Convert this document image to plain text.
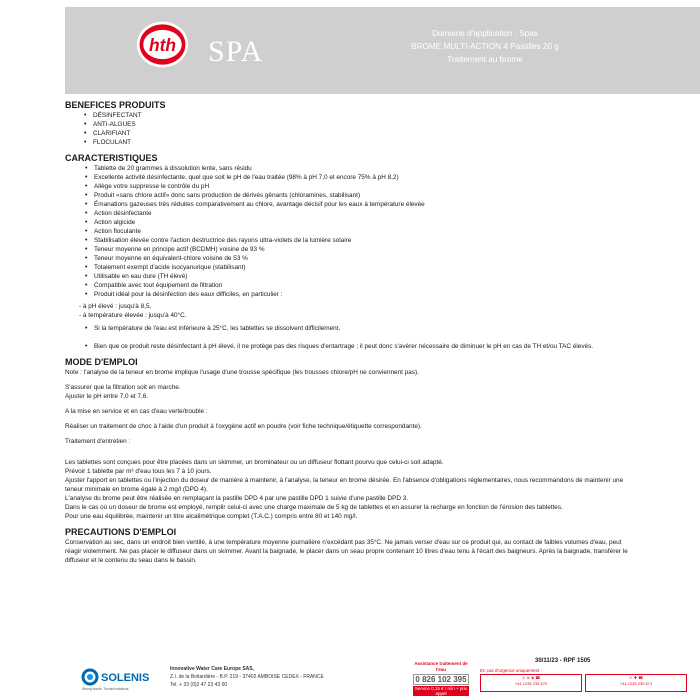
hth SPA
Domaine d'application : Spas
BROME MULTI-ACTION 4 Pastilles 20 g
Traitement au brome
BENEFICES PRODUITS
• DÉSINFECTANT
• ANTI-ALGUES
• CLARIFIANT
• FLOCULANT
CARACTERISTIQUES
• Tablette de 20 grammes à dissolution lente, sans résidu
• Excellente activité désinfectante, quel que soit le pH de l'eau traitée (98% à pH 7,0 et encore 75% à pH 8,2)
• Allège votre suppresse le contrôle du pH
• Produit «sans chlore actif» donc sans production de dérivés gênants (chloramines, stabilisant)
• Émanations gazeuses très réduites comparativement au chlore, avantage décisif pour les eaux à température élevée
• Action désinfectante
• Action algicide
• Action floculante
• Stabilisation élevée contre l'action destructrice des rayons ultra-violets de la lumière solaire
• Teneur moyenne en principe actif (BCDMH) voisine de 93 %
• Teneur moyenne en équivalent-chlore voisine de 53 %
• Totalement exempt d'acide isocyanurique (stabilisant)
• Utilisable en eau dure (TH élevé)
• Compatible avec tout équipement de filtration
• Produit idéal pour la désinfection des eaux difficiles, en particulier :
- à pH élevé : jusqu'à 8,5,
- à température élevée : jusqu'à 40°C.
• Si la température de l'eau est inférieure à 25°C, les tablettes se dissolvent difficilement.
• Bien que ce produit reste désinfectant à pH élevé, il ne protège pas des risques d'entartrage ; il peut donc s'avérer nécessaire de diminuer le pH en cas de TH et/ou TAC élevés.
MODE D'EMPLOI

Note : l'analyse de la teneur en brome implique l'usage d'une trousse spécifique (les trousses chlore/pH ne conviennent pas).

S'assurer que la filtration soit en marche.

Ajuster le pH entre 7,0 et 7,6.

A la mise en service et en cas d'eau verte/trouble :

Réaliser un traitement de choc à l'aide d'un produit à l'oxygène actif en poudre (voir fiche technique/étiquette correspondante).

Traitement d'entretien :

Les tablettes sont conçues pour être placées dans un skimmer, un brominateur ou un diffuseur flottant pourvu que celui-ci soit adapté.

Prévoir 1 tablette par m³ d'eau tous les 7 à 10 jours.

Ajuster l'apport en tablettes ou l'injection du doseur de manière à maintenir, à l'analyse, la teneur en brome désirée. En l'absence d'obligations réglementaires, nous recommandons de maintenir une teneur minimale en brome égale à 2 mg/l (DPD 4).

L'analyse du brome peut être réalisée en remplaçant la pastille DPD 4 par une pastille DPD 1 suivie d'une pastille DPD 3.

Dans le cas où un doseur de brome est employé, remplir celui-ci avec une charge maximale de 5 kg de tablettes et en assurer la recharge en fonction de l'érosion des tablettes.

Pour une eau équilibrée, maintenir un titre alcalimétrique complet (T.A.C.) compris entre 80 et 140 mg/l.

PRECAUTIONS D'EMPLOI

Conservation au sec, dans un endroit bien ventilé, à une température moyenne journalière n'excédant pas 35°C. Ne jamais verser d'eau sur ce produit qui, au contact de faibles volumes d'eau, peut réagir violemment. Ne pas placer le diffuseur dans un skimmer. Avant la baignade, le placer dans un seau propre contenant 10 litres d'eau tenu à l'écart des baigneurs. Après la baignade, transférer le diffuseur et le contenu du seau dans le bassin.

SOLENIS
Strong bonds. Trusted solutions.
Innovative Water Care Europe SAS,
Z.I. de la Boitardière - B.P. 219 - 37402 AMBOISE CEDEX - FRANCE
Tel. + 33 (0)2 47 23 43 00
Assistance traitement de l'eau
0 826 102 395
Service 0,15 € / min + prix appel
30/11/23 - RPF 1505
En cas d'urgence uniquement :
⚠ ☠ ◈ ☎
+44 1235 239 670
⚠ ✚ ☎
+44 1235 239 671
